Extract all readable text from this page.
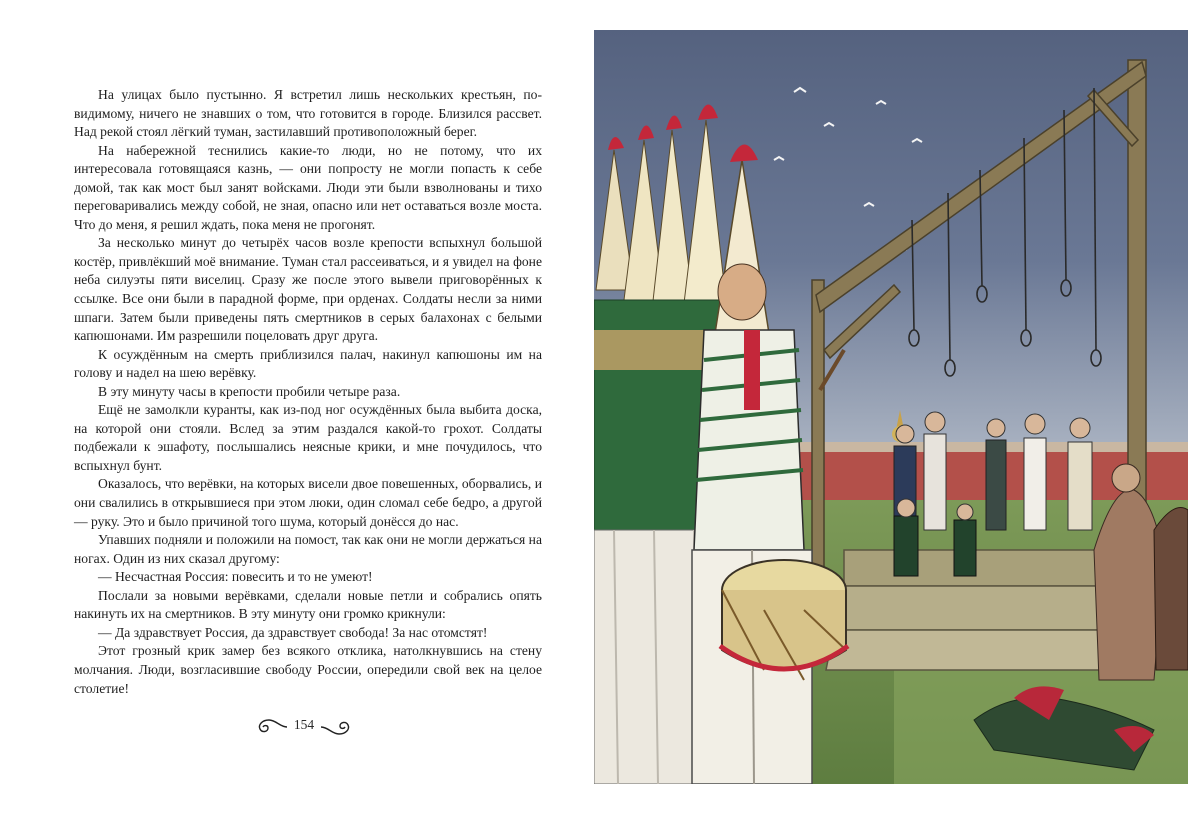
На улицах было пустынно. Я встретил лишь нескольких крестьян, по-видимому, ничего не знавших о том, что готовится в городе. Близился рассвет. Над рекой стоял лёгкий туман, застилавший противоположный берег.

На набережной теснились какие-то люди, но не потому, что их интересовала готовящаяся казнь, — они попросту не могли попасть к себе домой, так как мост был занят войсками. Люди эти были взволнованы и тихо переговаривались между собой, не зная, опасно или нет оставаться возле моста. Что до меня, я решил ждать, пока меня не прогонят.

За несколько минут до четырёх часов возле крепости вспыхнул большой костёр, привлёкший моё внимание. Туман стал рассеиваться, и я увидел на фоне неба силуэты пяти виселиц. Сразу же после этого вывели приговорённых к ссылке. Все они были в парадной форме, при орденах. Солдаты несли за ними шпаги. Затем были приведены пять смертников в серых балахонах с белыми капюшонами. Им разрешили поцеловать друг друга.

К осуждённым на смерть приблизился палач, накинул капюшоны им на голову и надел на шею верёвку.

В эту минуту часы в крепости пробили четыре раза.

Ещё не замолкли куранты, как из-под ног осуждённых была выбита доска, на которой они стояли. Вслед за этим раздался какой-то грохот. Солдаты подбежали к эшафоту, послышались неясные крики, и мне почудилось, что вспыхнул бунт.

Оказалось, что верёвки, на которых висели двое повешенных, оборвались, и они свалились в открывшиеся при этом люки, один сломал себе бедро, а другой — руку. Это и было причиной того шума, который донёсся до нас.

Упавших подняли и положили на помост, так как они не могли держаться на ногах. Один из них сказал другому:

— Несчастная Россия: повесить и то не умеют!

Послали за новыми верёвками, сделали новые петли и собрались опять накинуть их на смертников. В эту минуту они громко крикнули:

— Да здравствует Россия, да здравствует свобода! За нас отомстят!

Этот грозный крик замер без всякого отклика, натолкнувшись на стену молчания. Люди, возгласившие свободу России, опередили свой век на целое столетие!

154
